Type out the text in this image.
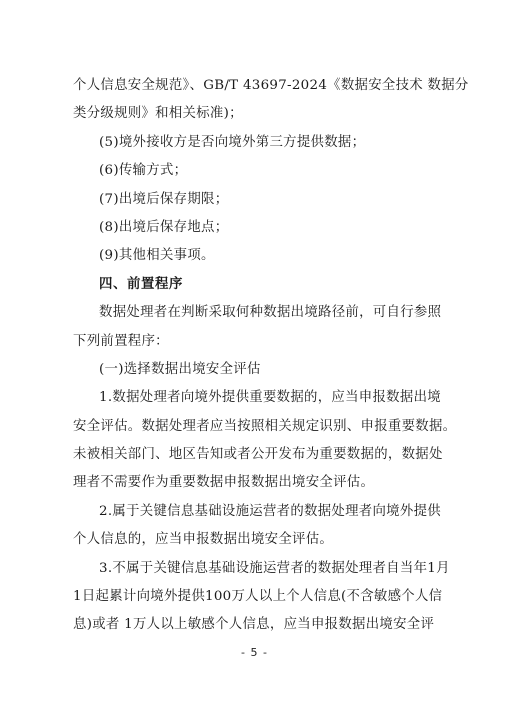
个人信息安全规范》、GB/T 43697-2024《数据安全技术 数据分
类分级规则》和相关标准)；
(5)境外接收方是否向境外第三方提供数据；
(6)传输方式；
(7)出境后保存期限；
(8)出境后保存地点；
(9)其他相关事项。
四、前置程序
数据处理者在判断采取何种数据出境路径前，可自行参照
下列前置程序：
(一)选择数据出境安全评估
1.数据处理者向境外提供重要数据的，应当申报数据出境
安全评估。数据处理者应当按照相关规定识别、申报重要数据。
未被相关部门、地区告知或者公开发布为重要数据的，数据处
理者不需要作为重要数据申报数据出境安全评估。
2.属于关键信息基础设施运营者的数据处理者向境外提供
个人信息的，应当申报数据出境安全评估。
3.不属于关键信息基础设施运营者的数据处理者自当年1月
1日起累计向境外提供100万人以上个人信息(不含敏感个人信
息)或者 1万人以上敏感个人信息，应当申报数据出境安全评
- 5 -
